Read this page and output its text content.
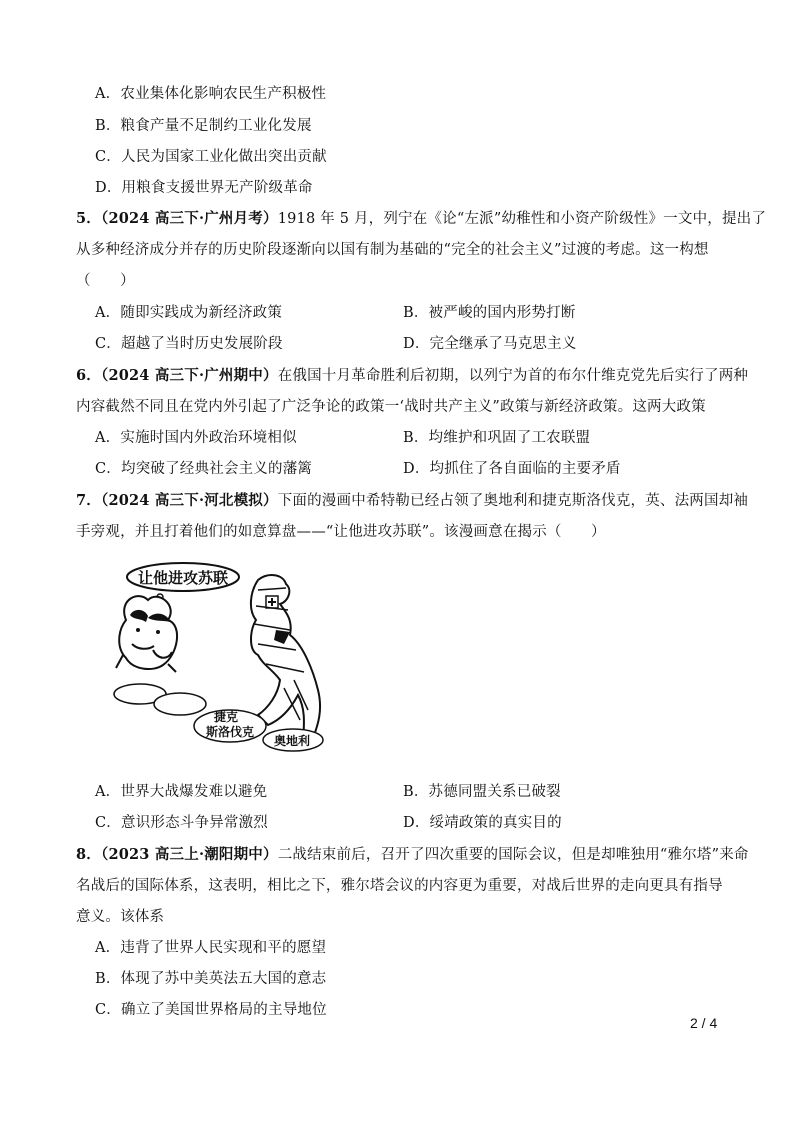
A．农业集体化影响农民生产积极性
B．粮食产量不足制约工业化发展
C．人民为国家工业化做出突出贡献
D．用粮食支援世界无产阶级革命
5．（2024 高三下·广州月考）1918 年 5 月，列宁在《论“左派”幼稚性和小资产阶级性》一文中，提出了
从多种经济成分并存的历史阶段逐渐向以国有制为基础的“完全的社会主义”过渡的考虑。这一构想
（　　）
A．随即实践成为新经济政策	B．被严峻的国内形势打断
C．超越了当时历史发展阶段	D．完全继承了马克思主义
6．（2024 高三下·广州期中）在俄国十月革命胜利后初期，以列宁为首的布尔什维克党先后实行了两种
内容截然不同且在党内外引起了广泛争论的政策一‘战时共产主义”政策与新经济政策。这两大政策
A．实施时国内外政治环境相似	B．均维护和巩固了工农联盟
C．均突破了经典社会主义的藩篱	D．均抓住了各自面临的主要矛盾
7．（2024 高三下·河北模拟）下面的漫画中希特勒已经占领了奥地利和捷克斯洛伐克，英、法两国却袖
手旁观，并且打着他们的如意算盘——“让他进攻苏联”。该漫画意在揭示（　　）
让他进攻苏联
捷克
斯洛伐克
奥地利
A．世界大战爆发难以避免	B．苏德同盟关系已破裂
C．意识形态斗争异常激烈	D．绥靖政策的真实目的
8．（2023 高三上·潮阳期中）二战结束前后，召开了四次重要的国际会议，但是却唯独用“雅尔塔”来命
名战后的国际体系，这表明，相比之下，雅尔塔会议的内容更为重要，对战后世界的走向更具有指导
意义。该体系
A．违背了世界人民实现和平的愿望
B．体现了苏中美英法五大国的意志
C．确立了美国世界格局的主导地位
2 / 4
